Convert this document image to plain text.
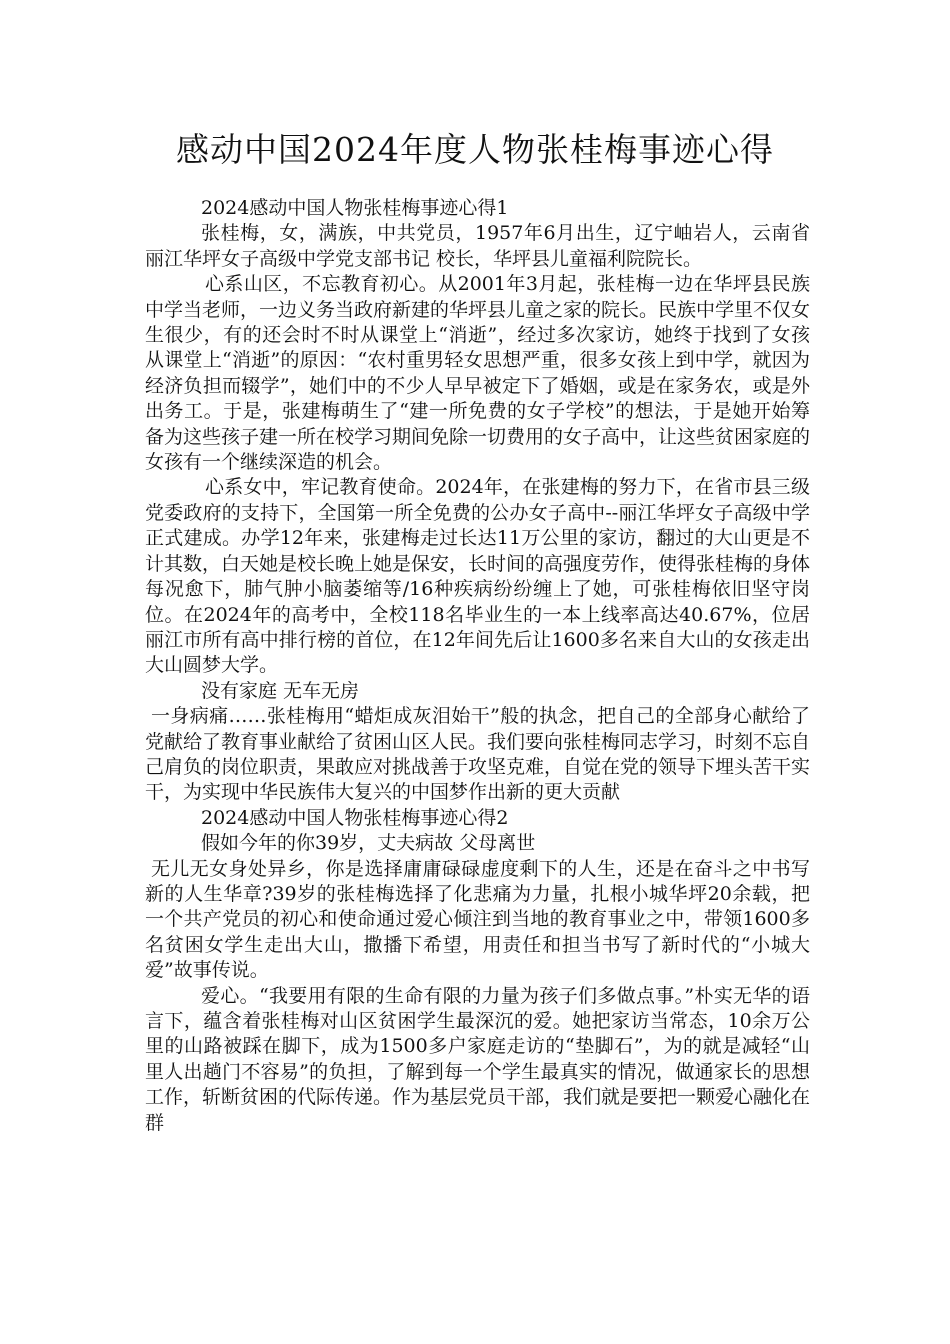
感动中国2024年度人物张桂梅事迹心得

2024感动中国人物张桂梅事迹心得1

张桂梅，女，满族，中共党员，1957年6月出生，辽宁岫岩人，云南省丽江华坪女子高级中学党支部书记 校长，华坪县儿童福利院院长。

心系山区，不忘教育初心。从2001年3月起，张桂梅一边在华坪县民族中学当老师，一边义务当政府新建的华坪县儿童之家的院长。民族中学里不仅女生很少，有的还会时不时从课堂上“消逝”，经过多次家访，她终于找到了女孩从课堂上“消逝”的原因：“农村重男轻女思想严重，很多女孩上到中学，就因为经济负担而辍学”，她们中的不少人早早被定下了婚姻，或是在家务农，或是外出务工。于是，张建梅萌生了“建一所免费的女子学校”的想法，于是她开始筹备为这些孩子建一所在校学习期间免除一切费用的女子高中，让这些贫困家庭的女孩有一个继续深造的机会。

心系女中，牢记教育使命。2024年，在张建梅的努力下，在省市县三级党委政府的支持下，全国第一所全免费的公办女子高中--丽江华坪女子高级中学正式建成。办学12年来，张建梅走过长达11万公里的家访，翻过的大山更是不计其数，白天她是校长晚上她是保安，长时间的高强度劳作，使得张桂梅的身体每况愈下，肺气肿小脑萎缩等/16种疾病纷纷缠上了她，可张桂梅依旧坚守岗位。在2024年的高考中，全校118名毕业生的一本上线率高达40.67%，位居丽江市所有高中排行榜的首位，在12年间先后让1600多名来自大山的女孩走出大山圆梦大学。

没有家庭 无车无房

一身病痛……张桂梅用“蜡炬成灰泪始干”般的执念，把自己的全部身心献给了党献给了教育事业献给了贫困山区人民。我们要向张桂梅同志学习，时刻不忘自己肩负的岗位职责，果敢应对挑战善于攻坚克难，自觉在党的领导下埋头苦干实干，为实现中华民族伟大复兴的中国梦作出新的更大贡献

2024感动中国人物张桂梅事迹心得2

假如今年的你39岁，丈夫病故 父母离世

无儿无女身处异乡，你是选择庸庸碌碌虚度剩下的人生，还是在奋斗之中书写新的人生华章?39岁的张桂梅选择了化悲痛为力量，扎根小城华坪20余载，把一个共产党员的初心和使命通过爱心倾注到当地的教育事业之中，带领1600多名贫困女学生走出大山，撒播下希望，用责任和担当书写了新时代的“小城大爱”故事传说。

爱心。“我要用有限的生命有限的力量为孩子们多做点事。”朴实无华的语言下，蕴含着张桂梅对山区贫困学生最深沉的爱。她把家访当常态，10余万公里的山路被踩在脚下，成为1500多户家庭走访的“垫脚石”，为的就是减轻“山里人出趟门不容易”的负担，了解到每一个学生最真实的情况，做通家长的思想工作，斩断贫困的代际传递。作为基层党员干部，我们就是要把一颗爱心融化在群
